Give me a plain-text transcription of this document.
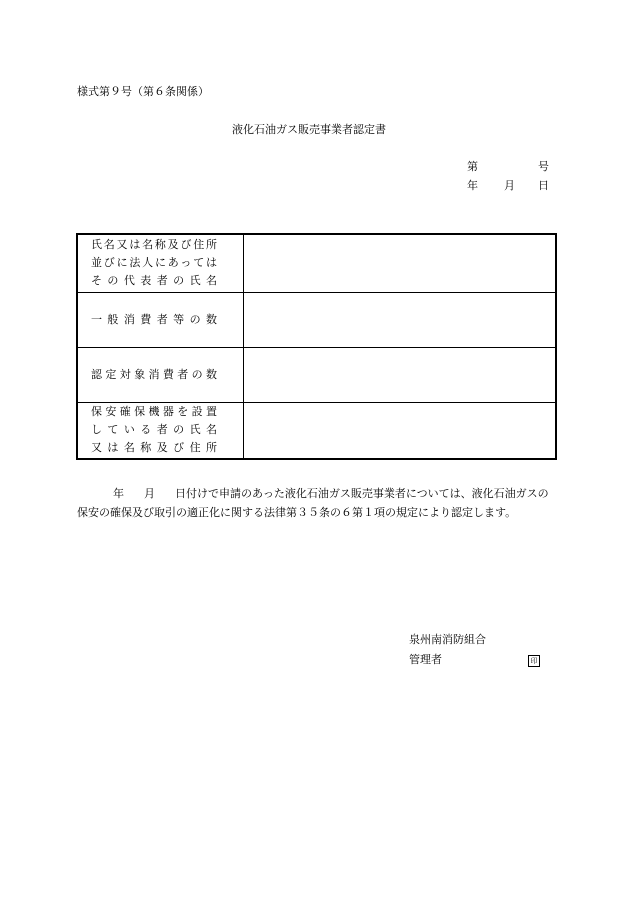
様式第９号（第６条関係）
液化石油ガス販売事業者認定書
第	号
年 月 日
氏名又は名称及び住所
並びに法人にあっては
その代表者の氏名	

一般消費者等の数	

認定対象消費者の数	

保安確保機器を設置
している者の氏名
又は名称及び住所	

年 月 日付けで申請のあった液化石油ガス販売事業者については、液化石油ガスの保安の確保及び取引の適正化に関する法律第３５条の６第１項の規定により認定します。
泉州南消防組合
管理者	印
